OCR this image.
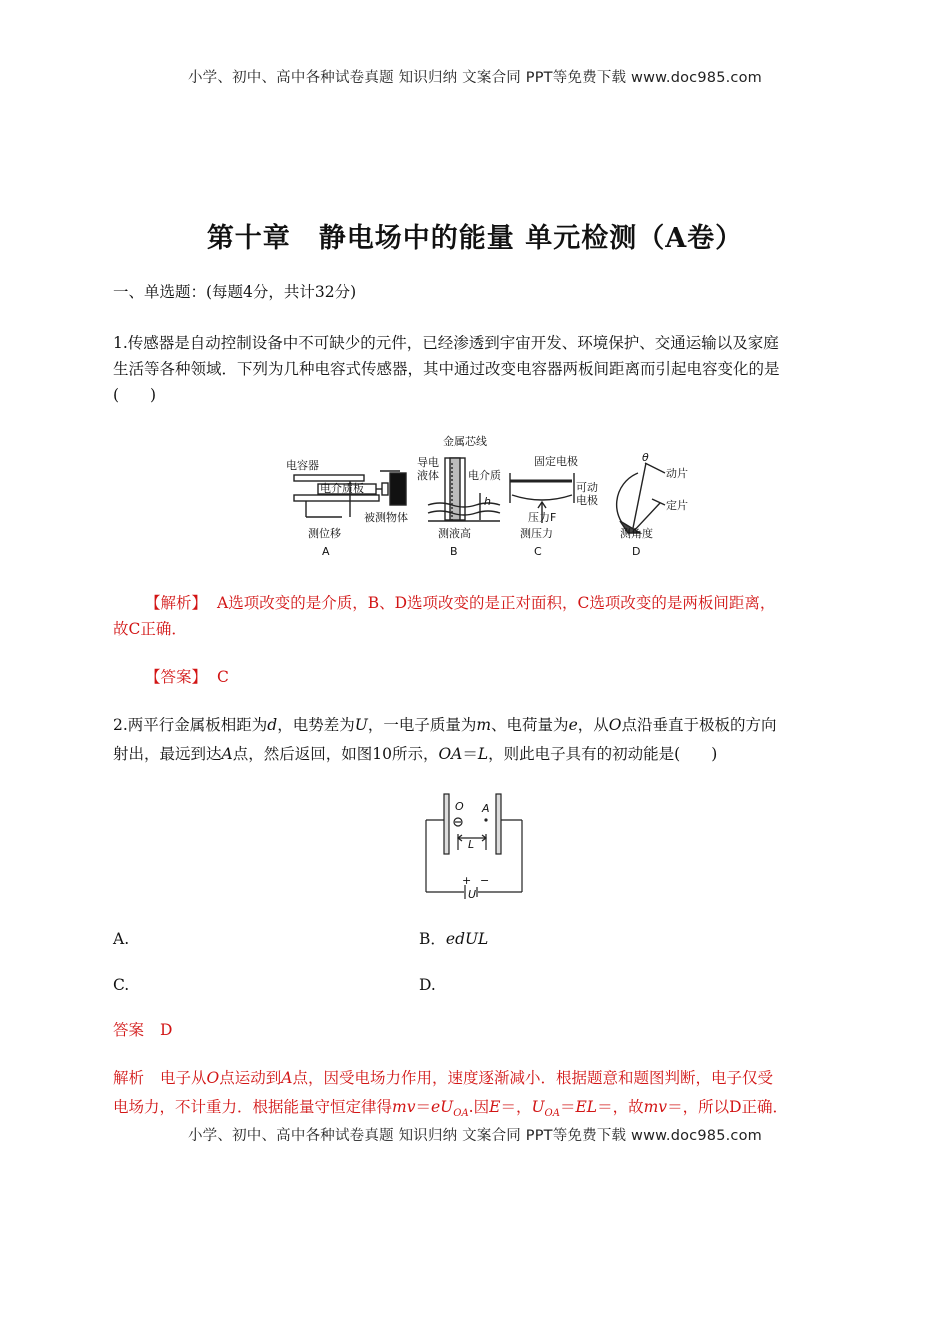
小学、初中、高中各种试卷真题 知识归纳 文案合同 PPT等免费下载 www.doc985.com
第十章　静电场中的能量 单元检测（A卷）
一、单选题：(每题4分，共计32分)
1.传感器是自动控制设备中不可缺少的元件，已经渗透到宇宙开发、环境保护、交通运输以及家庭
生活等各种领域．下列为几种电容式传感器，其中通过改变电容器两板间距离而引起电容变化的是
(　　)
电容器
电介质板
被测物体
测位移
A
金属芯线
导电
液体	电介质
h
测液高
B
固定电极
可动
电极
压力F
测压力
C
θ
动片
定片
测角度
D
【解析】 A选项改变的是介质，B、D选项改变的是正对面积，C选项改变的是两板间距离，
故C正确．
【答案】 C
2.两平行金属板相距为d，电势差为U，一电子质量为m、电荷量为e，从O点沿垂直于极板的方向
射出，最远到达A点，然后返回，如图10所示，OA＝L，则此电子具有的初动能是(　　)
O A
L
+
U
−
A.	B．edUL
C.	D.
答案 D
解析 电子从O点运动到A点，因受电场力作用，速度逐渐减小．根据题意和题图判断，电子仅受
电场力，不计重力．根据能量守恒定律得$mv=eU_{OA}$.因E＝，$U_{OA}=EL=$，故mv＝，所以D正确．
小学、初中、高中各种试卷真题 知识归纳 文案合同 PPT等免费下载 www.doc985.com
